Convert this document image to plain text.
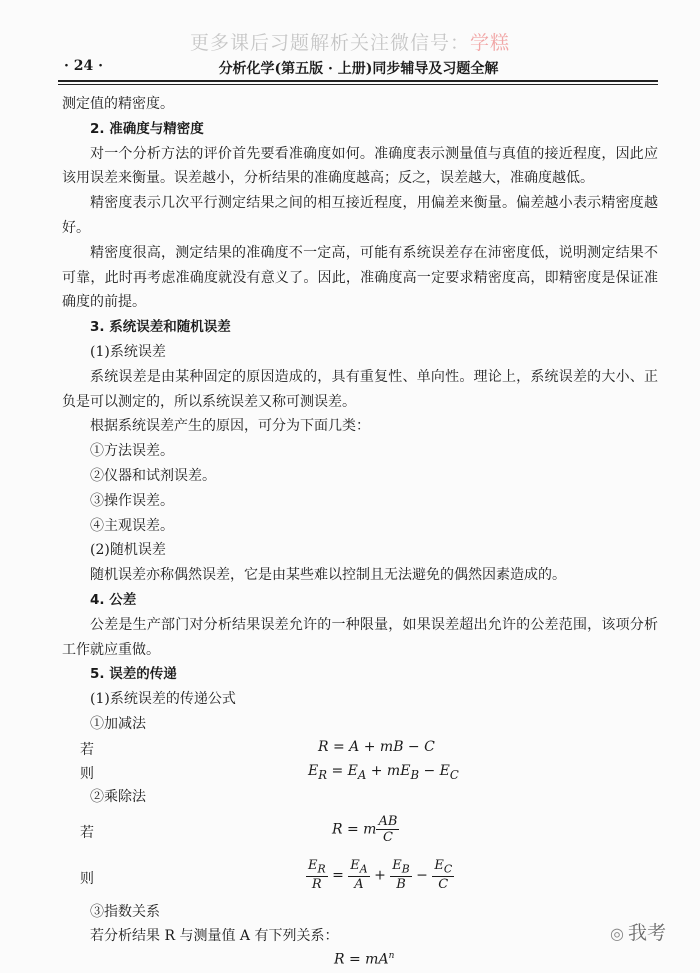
更多课后习题解析关注微信号：学糕
· 24 ·	分析化学(第五版 · 上册)同步辅导及习题全解

测定值的精密度。

2. 准确度与精密度

对一个分析方法的评价首先要看准确度如何。准确度表示测量值与真值的接近程度，因此应该用误差来衡量。误差越小，分析结果的准确度越高；反之，误差越大，准确度越低。

精密度表示几次平行测定结果之间的相互接近程度，用偏差来衡量。偏差越小表示精密度越好。

精密度很高，测定结果的准确度不一定高，可能有系统误差存在沛密度低，说明测定结果不可靠，此时再考虑准确度就没有意义了。因此，准确度高一定要求精密度高，即精密度是保证准确度的前提。

3. 系统误差和随机误差

(1)系统误差

系统误差是由某种固定的原因造成的，具有重复性、单向性。理论上，系统误差的大小、正负是可以测定的，所以系统误差又称可测误差。

根据系统误差产生的原因，可分为下面几类：

①方法误差。

②仪器和试剂误差。

③操作误差。

④主观误差。

(2)随机误差

随机误差亦称偶然误差，它是由某些难以控制且无法避免的偶然因素造成的。

4. 公差

公差是生产部门对分析结果误差允许的一种限量，如果误差超出允许的公差范围，该项分析工作就应重做。

5. 误差的传递

(1)系统误差的传递公式

①加减法

若	R = A + mB − C
则	$E_R = E_A + mE_B - E_C$

②乘除法

若	R = m $\frac{AB}{C}$
则	$\frac{E_R}{R} = \frac{E_A}{A} + \frac{E_B}{B} - \frac{E_C}{C}$

③指数关系

若分析结果 R 与测量值 A 有下列关系：

$R = mA^n$
◎ 我考
